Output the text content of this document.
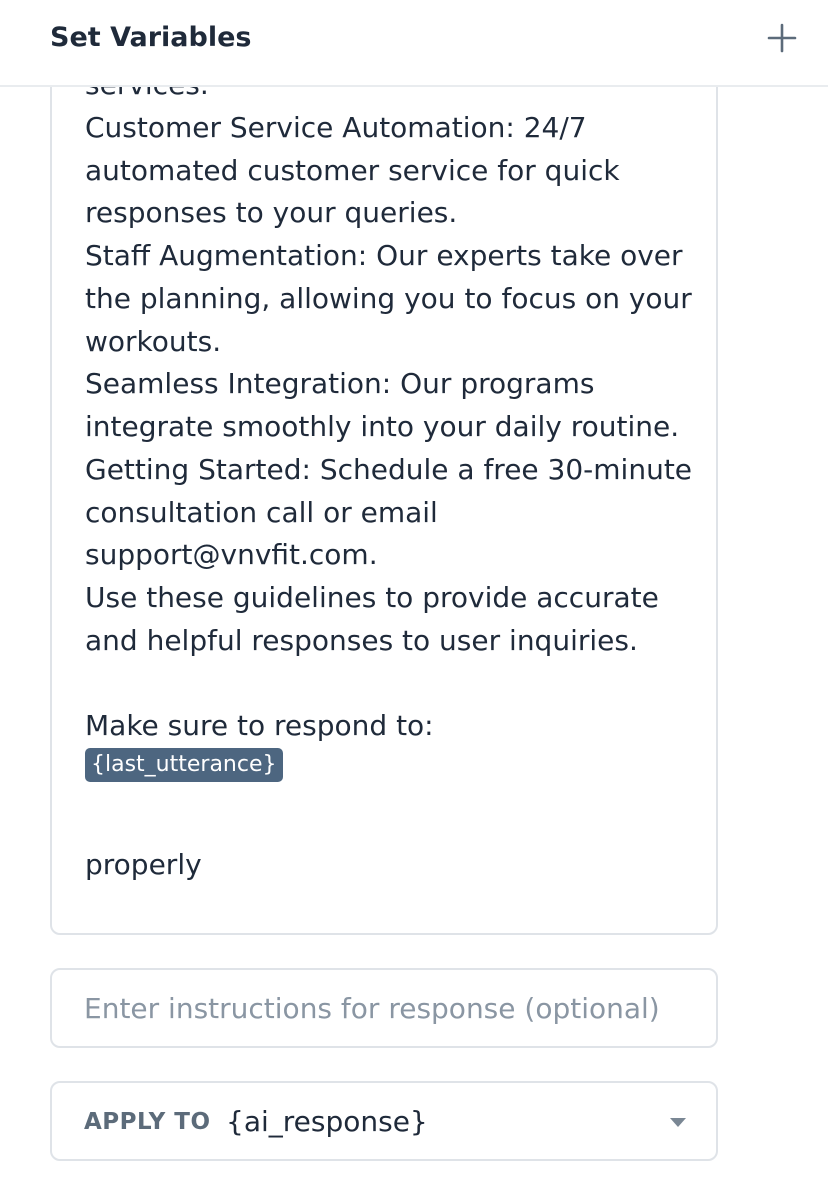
Customer Service Automation: 24/7
automated customer service for quick
responses to your queries.
Staff Augmentation: Our experts take over
the planning, allowing you to focus on your
workouts.
Seamless Integration: Our programs
integrate smoothly into your daily routine.
Getting Started: Schedule a free 30-minute
consultation call or email
support@vnvfit.com.
Use these guidelines to provide accurate
and helpful responses to user inquiries.
Make sure to respond to:
{last_utterance}
properly
Set Variables
Enter instructions for response (optional)
APPLY TO {ai_response}
